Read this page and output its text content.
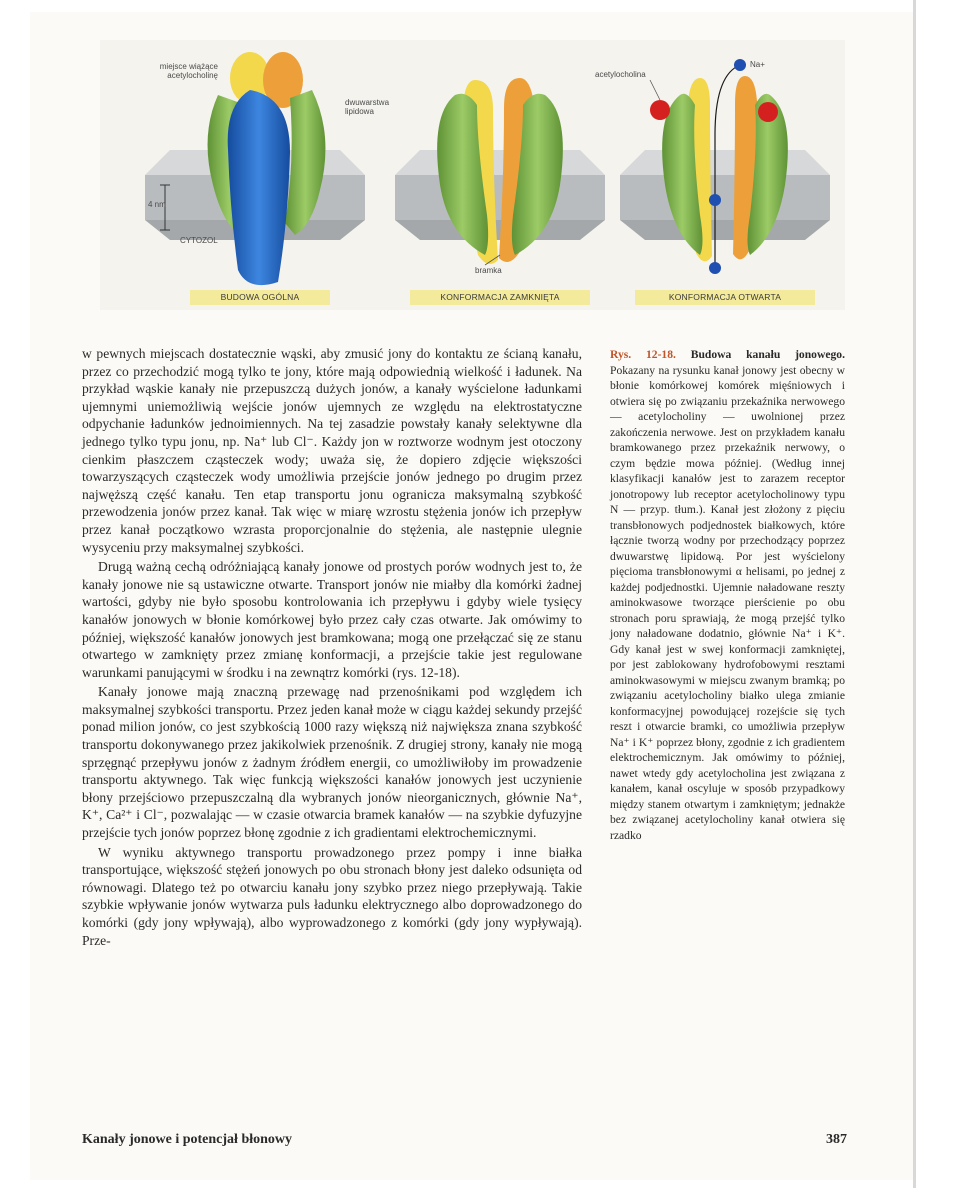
miejsce wiążące acetylocholinę
dwuwarstwa lipidowa
4 nm
CYTOZOL
bramka
acetylocholina
Na+
BUDOWA OGÓLNA	KONFORMACJA ZAMKNIĘTA	KONFORMACJA OTWARTA

w pewnych miejscach dostatecznie wąski, aby zmusić jony do kontaktu ze ścianą kanału, przez co przechodzić mogą tylko te jony, które mają odpowiednią wielkość i ładunek. Na przykład wąskie kanały nie przepuszczą dużych jonów, a kanały wyścielone ładunkami ujemnymi uniemożliwią wejście jonów ujemnych ze względu na elektrostatyczne odpychanie ładunków jednoimiennych. Na tej zasadzie powstały kanały selektywne dla jednego tylko typu jonu, np. Na⁺ lub Cl⁻. Każdy jon w roztworze wodnym jest otoczony cienkim płaszczem cząsteczek wody; uważa się, że dopiero zdjęcie większości towarzyszących cząsteczek wody umożliwia przejście jonów jednego po drugim przez najwęższą część kanału. Ten etap transportu jonu ogranicza maksymalną szybkość przewodzenia jonów przez kanał. Tak więc w miarę wzrostu stężenia jonów ich przepływ przez kanał początkowo wzrasta proporcjonalnie do stężenia, ale następnie ulegnie wysyceniu przy maksymalnej szybkości.

Drugą ważną cechą odróżniającą kanały jonowe od prostych porów wodnych jest to, że kanały jonowe nie są ustawiczne otwarte. Transport jonów nie miałby dla komórki żadnej wartości, gdyby nie było sposobu kontrolowania ich przepływu i gdyby wiele tysięcy kanałów jonowych w błonie komórkowej było przez cały czas otwarte. Jak omówimy to później, większość kanałów jonowych jest bramkowana; mogą one przełączać się ze stanu otwartego w zamknięty przez zmianę konformacji, a przejście takie jest regulowane warunkami panującymi w środku i na zewnątrz komórki (rys. 12-18).

Kanały jonowe mają znaczną przewagę nad przenośnikami pod względem ich maksymalnej szybkości transportu. Przez jeden kanał może w ciągu każdej sekundy przejść ponad milion jonów, co jest szybkością 1000 razy większą niż największa znana szybkość transportu dokonywanego przez jakikolwiek przenośnik. Z drugiej strony, kanały nie mogą sprzęgnąć przepływu jonów z żadnym źródłem energii, co umożliwiłoby im prowadzenie transportu aktywnego. Tak więc funkcją większości kanałów jonowych jest uczynienie błony przejściowo przepuszczalną dla wybranych jonów nieorganicznych, głównie Na⁺, K⁺, Ca²⁺ i Cl⁻, pozwalając — w czasie otwarcia bramek kanałów — na szybkie dyfuzyjne przejście tych jonów poprzez błonę zgodnie z ich gradientami elektrochemicznymi.

W wyniku aktywnego transportu prowadzonego przez pompy i inne białka transportujące, większość stężeń jonowych po obu stronach błony jest daleko odsunięta od równowagi. Dlatego też po otwarciu kanału jony szybko przez niego przepływają. Takie szybkie wpływanie jonów wytwarza puls ładunku elektrycznego albo doprowadzonego do komórki (gdy jony wpływają), albo wyprowadzonego z komórki (gdy jony wypływają). Prze-

Rys. 12-18. Budowa kanału jonowego. Pokazany na rysunku kanał jonowy jest obecny w błonie komórkowej komórek mięśniowych i otwiera się po związaniu przekaźnika nerwowego — acetylocholiny — uwolnionej przez zakończenia nerwowe. Jest on przykładem kanału bramkowanego przez przekaźnik nerwowy, o czym będzie mowa później. (Według innej klasyfikacji kanałów jest to zarazem receptor jonotropowy lub receptor acetylocholinowy typu N — przyp. tłum.). Kanał jest złożony z pięciu transbłonowych podjednostek białkowych, które łącznie tworzą wodny por przechodzący poprzez dwuwarstwę lipidową. Por jest wyścielony pięcioma transbłonowymi α helisami, po jednej z każdej podjednostki. Ujemnie naładowane reszty aminokwasowe tworzące pierścienie po obu stronach poru sprawiają, że mogą przejść tylko jony naładowane dodatnio, głównie Na⁺ i K⁺. Gdy kanał jest w swej konformacji zamkniętej, por jest zablokowany hydrofobowymi resztami aminokwasowymi w miejscu zwanym bramką; po związaniu acetylocholiny białko ulega zmianie konformacyjnej powodującej rozejście się tych reszt i otwarcie bramki, co umożliwia przepływ Na⁺ i K⁺ poprzez błony, zgodnie z ich gradientem elektrochemicznym. Jak omówimy to później, nawet wtedy gdy acetylocholina jest związana z kanałem, kanał oscyluje w sposób przypadkowy między stanem otwartym i zamkniętym; jednakże bez związanej acetylocholiny kanał otwiera się rzadko
Kanały jonowe i potencjał błonowy	387
